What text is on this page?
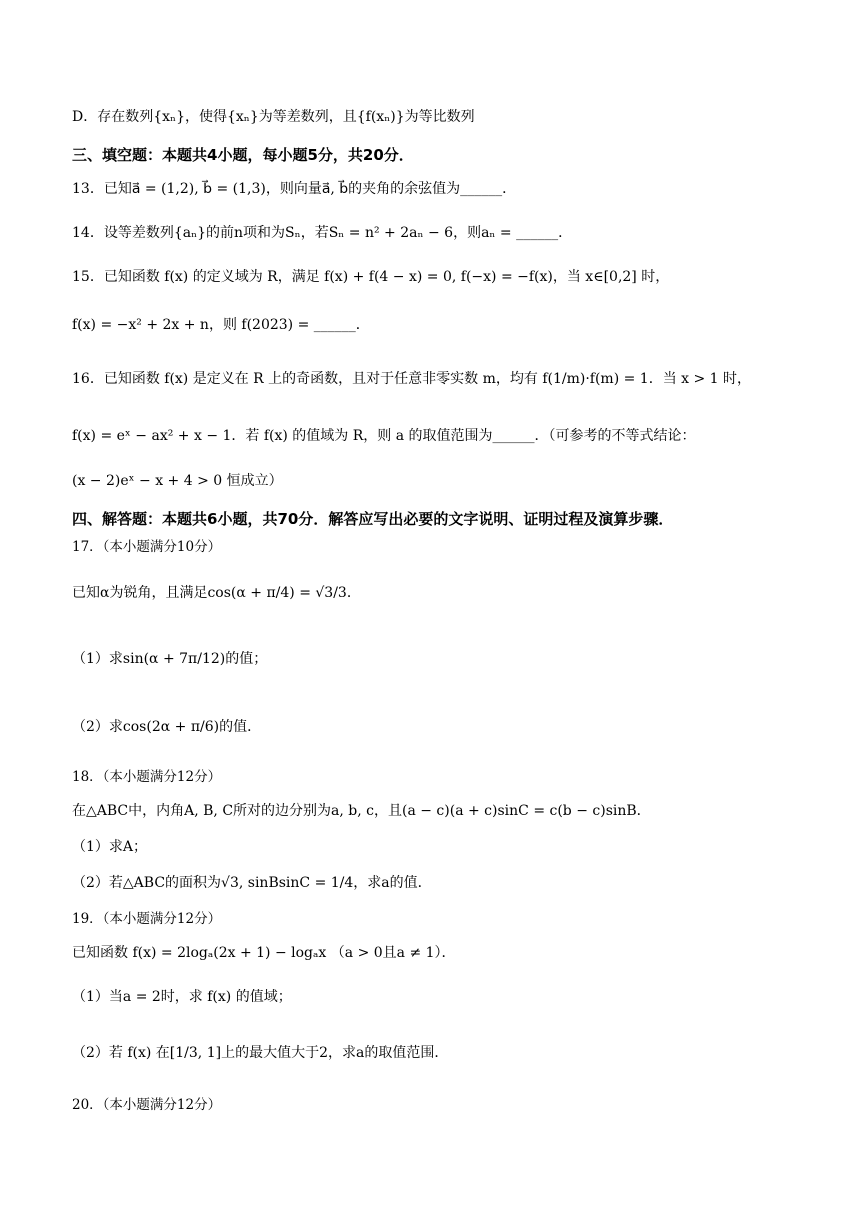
D．存在数列{xₙ}，使得{xₙ}为等差数列，且{f(xₙ)}为等比数列
三、填空题：本题共4小题，每小题5分，共20分．
13．已知a⃗ = (1,2), b⃗ = (1,3)，则向量a⃗, b⃗的夹角的余弦值为______．
14．设等差数列{aₙ}的前n项和为Sₙ，若Sₙ = n² + 2aₙ − 6，则aₙ = ______．
15．已知函数 f(x) 的定义域为 R，满足 f(x) + f(4 − x) = 0, f(−x) = −f(x)，当 x∈[0,2] 时，
f(x) = −x² + 2x + n，则 f(2023) = ______．
16．已知函数 f(x) 是定义在 R 上的奇函数，且对于任意非零实数 m，均有 f(1/m)·f(m) = 1．当 x > 1 时，
f(x) = eˣ − ax² + x − 1．若 f(x) 的值域为 R，则 a 的取值范围为______．（可参考的不等式结论：
(x − 2)eˣ − x + 4 > 0 恒成立）
四、解答题：本题共6小题，共70分．解答应写出必要的文字说明、证明过程及演算步骤．
17．（本小题满分10分）
已知α为锐角，且满足cos(α + π/4) = √3/3．
（1）求sin(α + 7π/12)的值；
（2）求cos(2α + π/6)的值．
18．（本小题满分12分）
在△ABC中，内角A, B, C所对的边分别为a, b, c，且(a − c)(a + c)sinC = c(b − c)sinB．
（1）求A；
（2）若△ABC的面积为√3, sinBsinC = 1/4，求a的值．
19．（本小题满分12分）
已知函数 f(x) = 2logₐ(2x + 1) − logₐx （a > 0且a ≠ 1）．
（1）当a = 2时，求 f(x) 的值域；
（2）若 f(x) 在[1/3, 1]上的最大值大于2，求a的取值范围．
20．（本小题满分12分）
